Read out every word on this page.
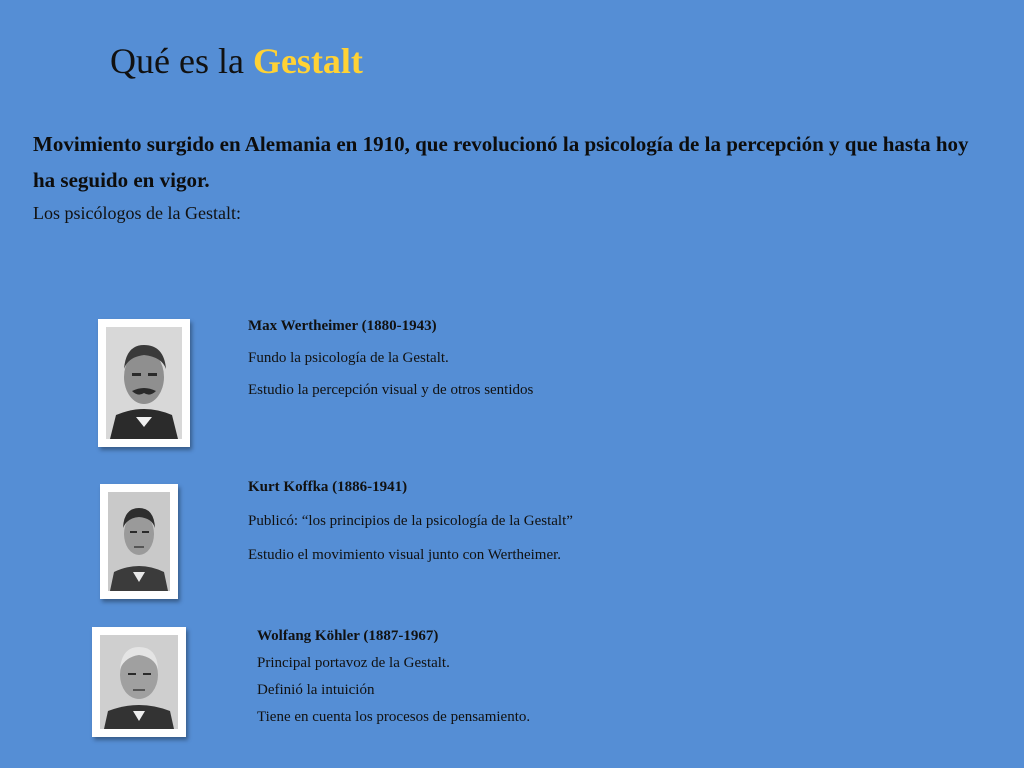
Qué es la Gestalt

Movimiento surgido en Alemania en 1910, que revolucionó la psicología de la percepción y que hasta hoy ha seguido en vigor.

Los psicólogos de la Gestalt:

Max Wertheimer (1880-1943)

Fundo la psicología de la Gestalt.

Estudio la percepción visual y de otros sentidos

Kurt Koffka (1886-1941)

Publicó: “los principios de la psicología de la Gestalt”

Estudio el movimiento visual junto con Wertheimer.

Wolfang Köhler (1887-1967)

Principal portavoz de la Gestalt.

Definió la intuición

Tiene en cuenta los procesos de pensamiento.
